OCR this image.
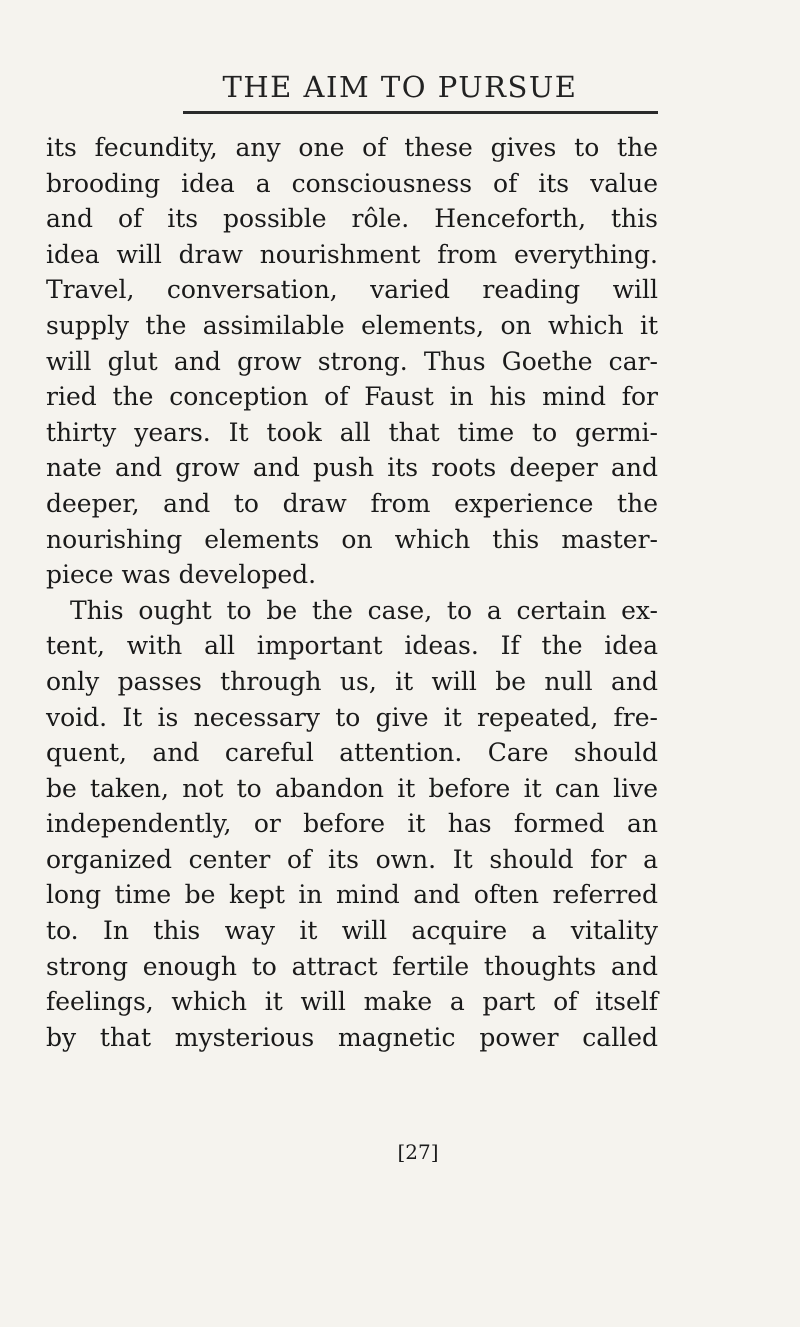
THE AIM TO PURSUE
its fecundity, any one of these gives to the
brooding idea a consciousness of its value
and of its possible rôle. Henceforth, this
idea will draw nourishment from everything.
Travel, conversation, varied reading will
supply the assimilable elements, on which it
will glut and grow strong. Thus Goethe car-
ried the conception of Faust in his mind for
thirty years. It took all that time to germi-
nate and grow and push its roots deeper and
deeper, and to draw from experience the
nourishing elements on which this master-
piece was developed.
This ought to be the case, to a certain ex-
tent, with all important ideas. If the idea
only passes through us, it will be null and
void. It is necessary to give it repeated, fre-
quent, and careful attention. Care should
be taken, not to abandon it before it can live
independently, or before it has formed an
organized center of its own. It should for a
long time be kept in mind and often referred
to. In this way it will acquire a vitality
strong enough to attract fertile thoughts and
feelings, which it will make a part of itself
by that mysterious magnetic power called
[27]
